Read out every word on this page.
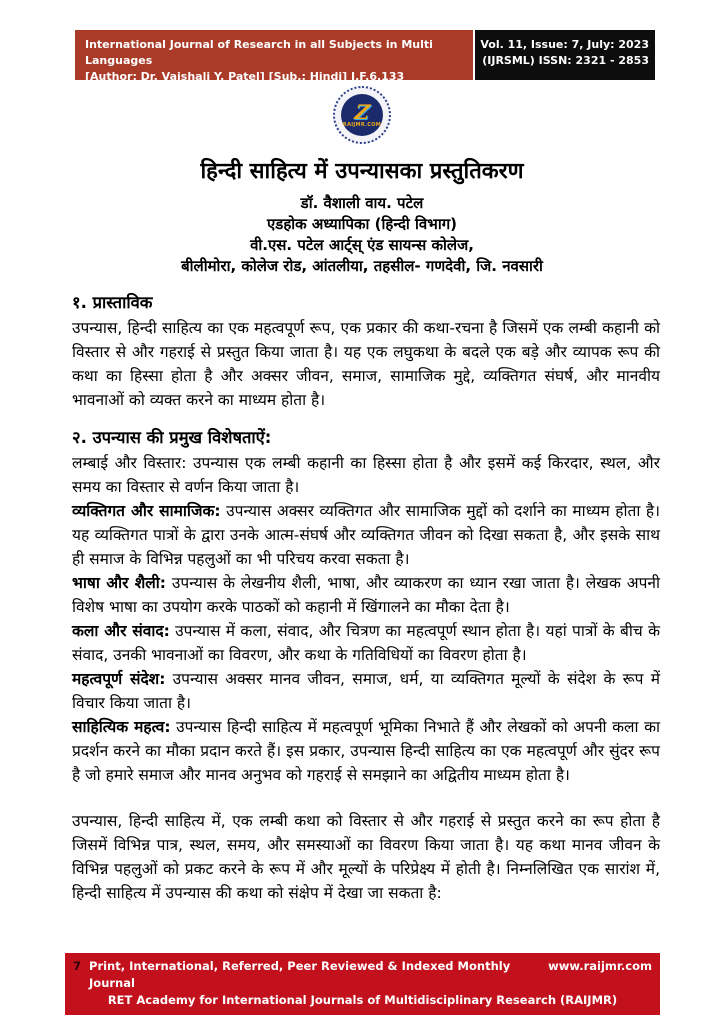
International Journal of Research in all Subjects in Multi Languages
[Author: Dr. Vaishali Y. Patel] [Sub.: Hindi] I.F.6.133
Vol. 11, Issue: 7, July: 2023
(IJRSML) ISSN: 2321 - 2853
Z
RAIJMR.COM
हिन्दी साहित्य में उपन्यासका प्रस्तुतिकरण
डॉ. वैशाली वाय. पटेल
एडहोक अध्यापिका (हिन्दी विभाग)
वी.एस. पटेल आर्ट्स् एंड सायन्स कोलेज,
बीलीमोरा, कोलेज रोड, आंतलीया, तहसील- गणदेवी, जि. नवसारी
१. प्रास्ताविक

उपन्यास, हिन्दी साहित्य का एक महत्वपूर्ण रूप, एक प्रकार की कथा-रचना है जिसमें एक लम्बी कहानी को विस्तार से और गहराई से प्रस्तुत किया जाता है। यह एक लघुकथा के बदले एक बड़े और व्यापक रूप की कथा का हिस्सा होता है और अक्सर जीवन, समाज, सामाजिक मुद्दे, व्यक्तिगत संघर्ष, और मानवीय भावनाओं को व्यक्त करने का माध्यम होता है।

२. उपन्यास की प्रमुख विशेषताऐं:

लम्बाई और विस्तार: उपन्यास एक लम्बी कहानी का हिस्सा होता है और इसमें कई किरदार, स्थल, और समय का विस्तार से वर्णन किया जाता है।

व्यक्तिगत और सामाजिक: उपन्यास अक्सर व्यक्तिगत और सामाजिक मुद्दों को दर्शाने का माध्यम होता है। यह व्यक्तिगत पात्रों के द्वारा उनके आत्म-संघर्ष और व्यक्तिगत जीवन को दिखा सकता है, और इसके साथ ही समाज के विभिन्न पहलुओं का भी परिचय करवा सकता है।

भाषा और शैली: उपन्यास के लेखनीय शैली, भाषा, और व्याकरण का ध्यान रखा जाता है। लेखक अपनी विशेष भाषा का उपयोग करके पाठकों को कहानी में खिंगालने का मौका देता है।

कला और संवाद: उपन्यास में कला, संवाद, और चित्रण का महत्वपूर्ण स्थान होता है। यहां पात्रों के बीच के संवाद, उनकी भावनाओं का विवरण, और कथा के गतिविधियों का विवरण होता है।

महत्वपूर्ण संदेश: उपन्यास अक्सर मानव जीवन, समाज, धर्म, या व्यक्तिगत मूल्यों के संदेश के रूप में विचार किया जाता है।

साहित्यिक महत्व: उपन्यास हिन्दी साहित्य में महत्वपूर्ण भूमिका निभाते हैं और लेखकों को अपनी कला का प्रदर्शन करने का मौका प्रदान करते हैं। इस प्रकार, उपन्यास हिन्दी साहित्य का एक महत्वपूर्ण और सुंदर रूप है जो हमारे समाज और मानव अनुभव को गहराई से समझाने का अद्वितीय माध्यम होता है।

उपन्यास, हिन्दी साहित्य में, एक लम्बी कथा को विस्तार से और गहराई से प्रस्तुत करने का रूप होता है जिसमें विभिन्न पात्र, स्थल, समय, और समस्याओं का विवरण किया जाता है। यह कथा मानव जीवन के विभिन्न पहलुओं को प्रकट करने के रूप में और मूल्यों के परिप्रेक्ष्य में होती है। निम्नलिखित एक सारांश में, हिन्दी साहित्य में उपन्यास की कथा को संक्षेप में देखा जा सकता है:

7 Print, International, Referred, Peer Reviewed & Indexed Monthly Journal
www.raijmr.com
RET Academy for International Journals of Multidisciplinary Research (RAIJMR)
